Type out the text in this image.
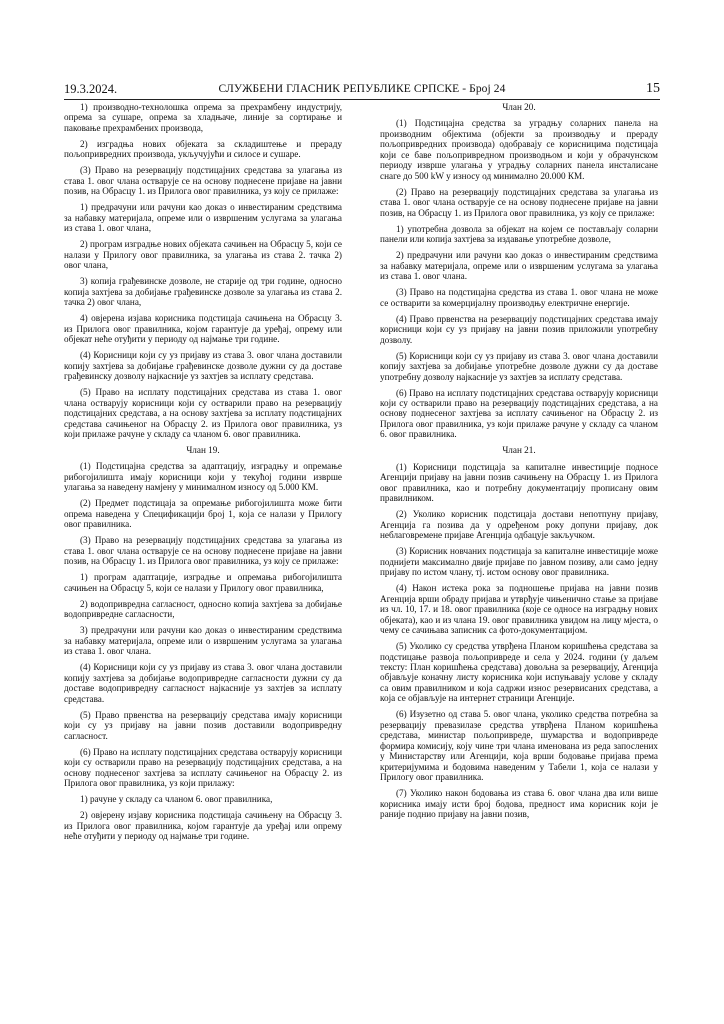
19.3.2024.	СЛУЖБЕНИ ГЛАСНИК РЕПУБЛИКЕ СРПСКЕ - Број 24	15

1) производно-технолошка опрема за прехрамбену индустрију, опрема за сушаре, опрема за хладњаче, линије за сортирање и паковање прехрамбених производа,

2) изградња нових објеката за складиштење и прераду пољопривредних производа, укључујући и силосе и сушаре.

(3) Право на резервацију подстицајних средстава за улагања из става 1. овог члана остварује се на основу поднесене пријаве на јавни позив, на Обрасцу 1. из Прилога овог правилника, уз коју се прилаже:

1) предрачуни или рачуни као доказ о инвестираним средствима за набавку материјала, опреме или о извршеним услугама за улагања из става 1. овог члана,

2) програм изградње нових објеката сачињен на Обрасцу 5, који се налази у Прилогу овог правилника, за улагања из става 2. тачка 2) овог члана,

3) копија грађевинске дозволе, не старије од три године, односно копија захтјева за добијање грађевинске дозволе за улагања из става 2. тачка 2) овог члана,

4) овјерена изјава корисника подстицаја сачињена на Обрасцу 3. из Прилога овог правилника, којом гарантује да уређај, опрему или објекат неће отуђити у периоду од најмање три године.

(4) Корисници који су уз пријаву из става 3. овог члана доставили копију захтјева за добијање грађевинске дозволе дужни су да доставе грађевинску дозволу најкасније уз захтјев за исплату средстава.

(5) Право на исплату подстицајних средстава из става 1. овог члана остварују корисници који су остварили право на резервацију подстицајних средстава, а на основу захтјева за исплату подстицајних средстава сачињеног на Обрасцу 2. из Прилога овог правилника, уз који прилаже рачуне у складу са чланом 6. овог правилника.

Члан 19.

(1) Подстицајна средства за адаптацију, изградњу и опремање рибогојилишта имају корисници који у текућој години изврше улагања за наведену намјену у минималном износу од 5.000 КМ.

(2) Предмет подстицаја за опремање рибогојилишта може бити опрема наведена у Спецификацији број 1, која се налази у Прилогу овог правилника.

(3) Право на резервацију подстицајних средстава за улагања из става 1. овог члана остварује се на основу поднесене пријаве на јавни позив, на Обрасцу 1. из Прилога овог правилника, уз коју се прилаже:

1) програм адаптације, изградње и опремања рибогојилишта сачињен на Обрасцу 5, који се налази у Прилогу овог правилника,

2) водопривредна сагласност, односно копија захтјева за добијање водопривредне сагласности,

3) предрачуни или рачуни као доказ о инвестираним средствима за набавку материјала, опреме или о извршеним услугама за улагања из става 1. овог члана.

(4) Корисници који су уз пријаву из става 3. овог члана доставили копију захтјева за добијање водопривредне сагласности дужни су да доставе водопривредну сагласност најкасније уз захтјев за исплату средстава.

(5) Право првенства на резервацију средстава имају корисници који су уз пријаву на јавни позив доставили водопривредну сагласност.

(6) Право на исплату подстицајних средстава остварују корисници који су остварили право на резервацију подстицајних средстава, а на основу поднесеног захтјева за исплату сачињеног на Обрасцу 2. из Прилога овог правилника, уз који прилажу:

1) рачуне у складу са чланом 6. овог правилника,

2) овјерену изјаву корисника подстицаја сачињену на Обрасцу 3. из Прилога овог правилника, којом гарантује да уређај или опрему неће отуђити у периоду од најмање три године.

Члан 20.

(1) Подстицајна средства за уградњу соларних панела на производним објектима (објекти за производњу и прераду пољопривредних производа) одобравају се корисницима подстицаја који се баве пољопривредном производњом и који у обрачунском периоду изврше улагања у уградњу соларних панела инсталисане снаге до 500 kW у износу од минимално 20.000 КМ.

(2) Право на резервацију подстицајних средстава за улагања из става 1. овог члана остварује се на основу поднесене пријаве на јавни позив, на Обрасцу 1. из Прилога овог правилника, уз коју се прилаже:

1) употребна дозвола за објекат на којем се постављају соларни панели или копија захтјева за издавање употребне дозволе,

2) предрачуни или рачуни као доказ о инвестираним средствима за набавку материјала, опреме или о извршеним услугама за улагања из става 1. овог члана.

(3) Право на подстицајна средства из става 1. овог члана не може се остварити за комерцијалну производњу електричне енергије.

(4) Право првенства на резервацију подстицајних средстава имају корисници који су уз пријаву на јавни позив приложили употребну дозволу.

(5) Корисници који су уз пријаву из става 3. овог члана доставили копију захтјева за добијање употребне дозволе дужни су да доставе употребну дозволу најкасније уз захтјев за исплату средстава.

(6) Право на исплату подстицајних средстава остварују корисници који су остварили право на резервацију подстицајних средстава, а на основу поднесеног захтјева за исплату сачињеног на Обрасцу 2. из Прилога овог правилника, уз који прилаже рачуне у складу са чланом 6. овог правилника.

Члан 21.

(1) Корисници подстицаја за капиталне инвестиције подносе Агенцији пријаву на јавни позив сачињену на Обрасцу 1. из Прилога овог правилника, као и потребну документацију прописану овим правилником.

(2) Уколико корисник подстицаја достави непотпуну пријаву, Агенција га позива да у одређеном року допуни пријаву, док неблаговремене пријаве Агенција одбацује закључком.

(3) Корисник новчаних подстицаја за капиталне инвестиције може поднијети максимално двије пријаве по јавном позиву, али само једну пријаву по истом члану, тј. истом основу овог правилника.

(4) Након истека рока за подношење пријава на јавни позив Агенција врши обраду пријава и утврђује чињенично стање за пријаве из чл. 10, 17. и 18. овог правилника (које се односе на изградњу нових објеката), као и из члана 19. овог правилника увидом на лицу мјеста, о чему се сачињава записник са фото-документацијом.

(5) Уколико су средства утврђена Планом коришћења средстава за подстицање развоја пољопривреде и села у 2024. години (у даљем тексту: План коришћења средстава) довољна за резервацију, Агенција објављује коначну листу корисника који испуњавају услове у складу са овим правилником и која садржи износ резервисаних средстава, а која се објављује на интернет страници Агенције.

(6) Изузетно од става 5. овог члана, уколико средства потребна за резервацију превазилазе средства утврђена Планом коришћења средстава, министар пољопривреде, шумарства и водопривреде формира комисију, коју чине три члана именована из реда запослених у Министарству или Агенцији, која врши бодовање пријава према критеријумима и бодовима наведеним у Табели 1, која се налази у Прилогу овог правилника.

(7) Уколико након бодовања из става 6. овог члана два или више корисника имају исти број бодова, предност има корисник који је раније поднио пријаву на јавни позив,
